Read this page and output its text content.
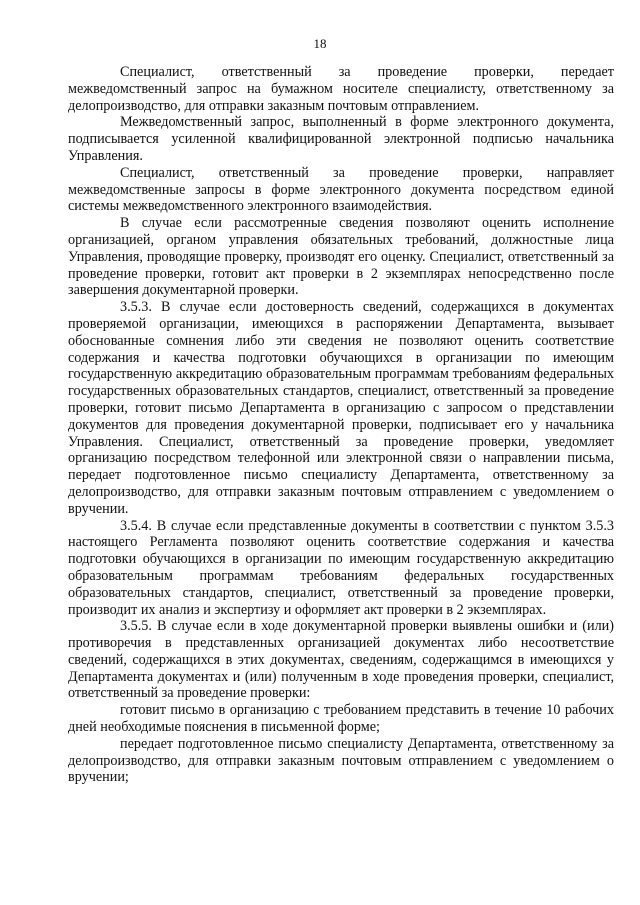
18

Специалист, ответственный за проведение проверки, передает межведомственный запрос на бумажном носителе специалисту, ответственному за делопроизводство, для отправки заказным почтовым отправлением.

Межведомственный запрос, выполненный в форме электронного документа, подписывается усиленной квалифицированной электронной подписью начальника Управления.

Специалист, ответственный за проведение проверки, направляет межведомственные запросы в форме электронного документа посредством единой системы межведомственного электронного взаимодействия.

В случае если рассмотренные сведения позволяют оценить исполнение организацией, органом управления обязательных требований, должностные лица Управления, проводящие проверку, производят его оценку. Специалист, ответственный за проведение проверки, готовит акт проверки в 2 экземплярах непосредственно после завершения документарной проверки.

3.5.3. В случае если достоверность сведений, содержащихся в документах проверяемой организации, имеющихся в распоряжении Департамента, вызывает обоснованные сомнения либо эти сведения не позволяют оценить соответствие содержания и качества подготовки обучающихся в организации по имеющим государственную аккредитацию образовательным программам требованиям федеральных государственных образовательных стандартов, специалист, ответственный за проведение проверки, готовит письмо Департамента в организацию с запросом о представлении документов для проведения документарной проверки, подписывает его у начальника Управления. Специалист, ответственный за проведение проверки, уведомляет организацию посредством телефонной или электронной связи о направлении письма, передает подготовленное письмо специалисту Департамента, ответственному за делопроизводство, для отправки заказным почтовым отправлением с уведомлением о вручении.

3.5.4. В случае если представленные документы в соответствии с пунктом 3.5.3 настоящего Регламента позволяют оценить соответствие содержания и качества подготовки обучающихся в организации по имеющим государственную аккредитацию образовательным программам требованиям федеральных государственных образовательных стандартов, специалист, ответственный за проведение проверки, производит их анализ и экспертизу и оформляет акт проверки в 2 экземплярах.

3.5.5. В случае если в ходе документарной проверки выявлены ошибки и (или) противоречия в представленных организацией документах либо несоответствие сведений, содержащихся в этих документах, сведениям, содержащимся в имеющихся у Департамента документах и (или) полученным в ходе проведения проверки, специалист, ответственный за проведение проверки:

готовит письмо в организацию с требованием представить в течение 10 рабочих дней необходимые пояснения в письменной форме;

передает подготовленное письмо специалисту Департамента, ответственному за делопроизводство, для отправки заказным почтовым отправлением с уведомлением о вручении;
